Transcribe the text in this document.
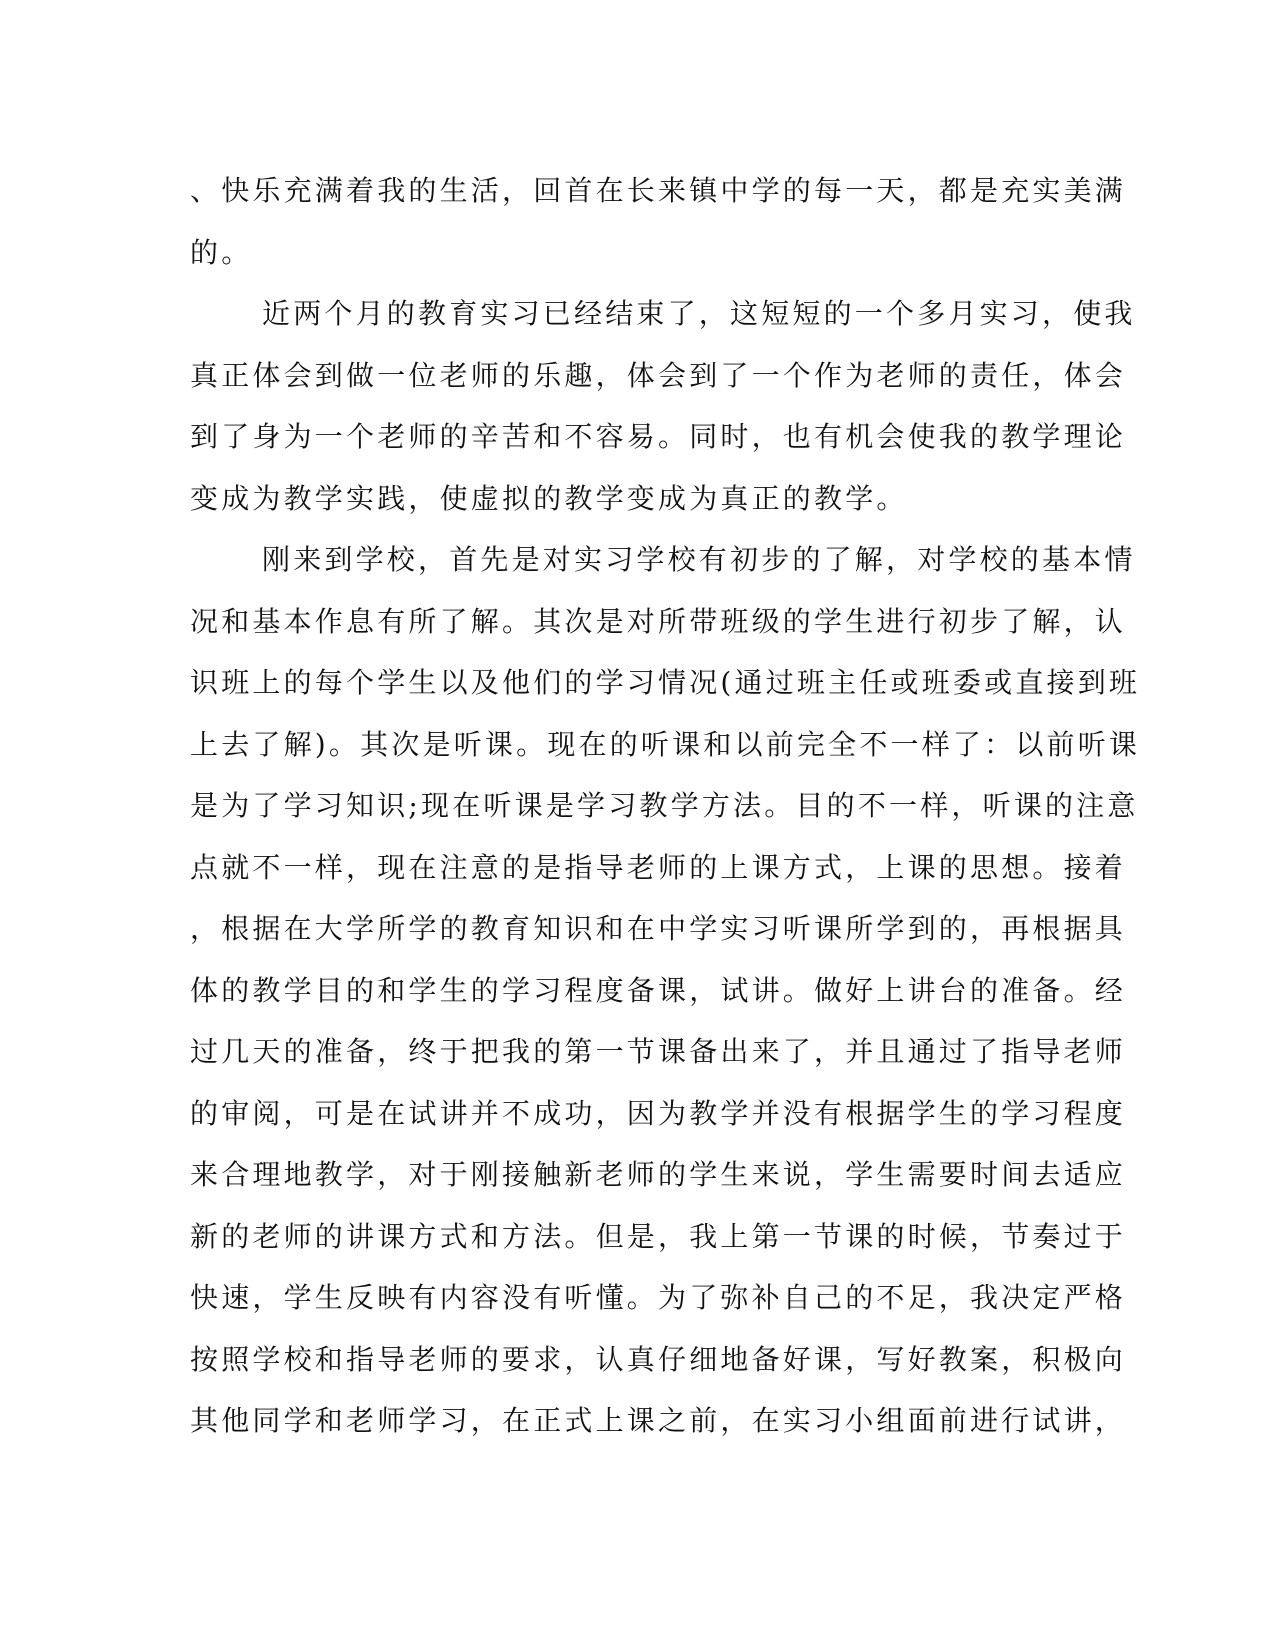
、快乐充满着我的生活，回首在长来镇中学的每一天，都是充实美满
的。
近两个月的教育实习已经结束了，这短短的一个多月实习，使我
真正体会到做一位老师的乐趣，体会到了一个作为老师的责任，体会
到了身为一个老师的辛苦和不容易。同时，也有机会使我的教学理论
变成为教学实践，使虚拟的教学变成为真正的教学。
刚来到学校，首先是对实习学校有初步的了解，对学校的基本情
况和基本作息有所了解。其次是对所带班级的学生进行初步了解，认
识班上的每个学生以及他们的学习情况(通过班主任或班委或直接到班
上去了解)。其次是听课。现在的听课和以前完全不一样了：以前听课
是为了学习知识;现在听课是学习教学方法。目的不一样，听课的注意
点就不一样，现在注意的是指导老师的上课方式，上课的思想。接着
，根据在大学所学的教育知识和在中学实习听课所学到的，再根据具
体的教学目的和学生的学习程度备课，试讲。做好上讲台的准备。经
过几天的准备，终于把我的第一节课备出来了，并且通过了指导老师
的审阅，可是在试讲并不成功，因为教学并没有根据学生的学习程度
来合理地教学，对于刚接触新老师的学生来说，学生需要时间去适应
新的老师的讲课方式和方法。但是，我上第一节课的时候，节奏过于
快速，学生反映有内容没有听懂。为了弥补自己的不足，我决定严格
按照学校和指导老师的要求，认真仔细地备好课，写好教案，积极向
其他同学和老师学习，在正式上课之前，在实习小组面前进行试讲，
